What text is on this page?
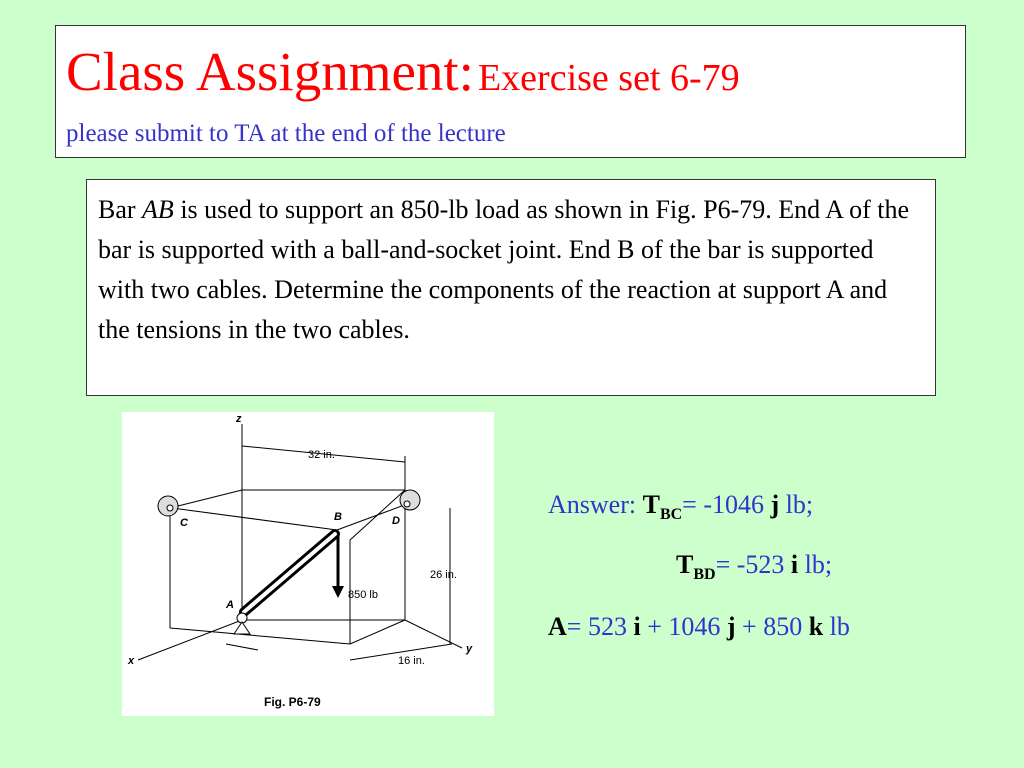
Class Assignment: Exercise set 6-79
please submit to TA at the end of the lecture
Bar AB is used to support an 850-lb load as shown in Fig. P6-79. End A of the bar is supported with a ball-and-socket joint. End B of the bar is supported with two cables. Determine the components of the reaction at support A and the tensions in the two cables.
z
x
y
32 in.
26 in.
16 in.
850 lb
A
B
C	D
Fig. P6-79
Answer: $T_{BC}= -1046$ j lb;
$T_{BD}= -523$ i lb;
A= 523 i + 1046 j + 850 k lb
